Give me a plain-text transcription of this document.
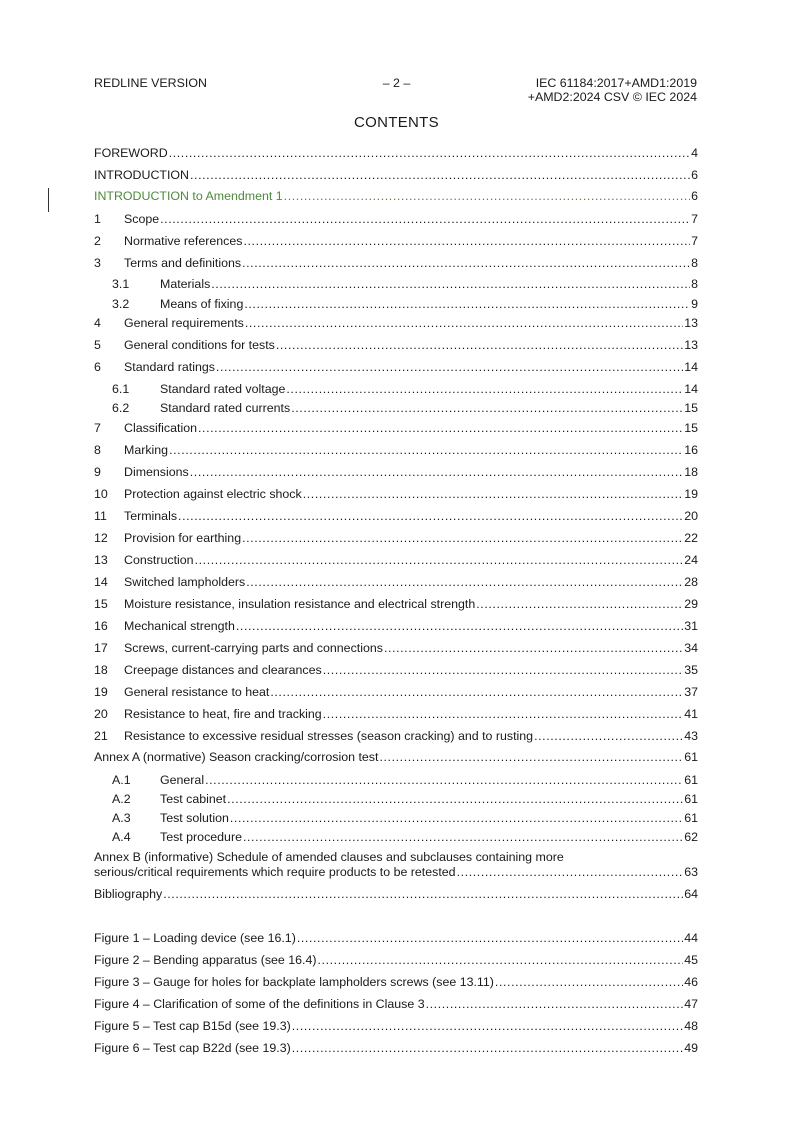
REDLINE VERSION	– 2 –	IEC 61184:2017+AMD1:2019
+AMD2:2024 CSV © IEC 2024
CONTENTS
FOREWORD .....	4
INTRODUCTION .....	6
INTRODUCTION to Amendment 1 .....	6
1	Scope .....	7
2	Normative references .....	7
3	Terms and definitions .....	8
3.1	Materials .....	8
3.2	Means of fixing .....	9
4	General requirements .....	13
5	General conditions for tests .....	13
6	Standard ratings .....	14
6.1	Standard rated voltage .....	14
6.2	Standard rated currents .....	15
7	Classification .....	15
8	Marking .....	16
9	Dimensions .....	18
10	Protection against electric shock .....	19
11	Terminals .....	20
12	Provision for earthing .....	22
13	Construction .....	24
14	Switched lampholders .....	28
15	Moisture resistance, insulation resistance and electrical strength .....	29
16	Mechanical strength .....	31
17	Screws, current-carrying parts and connections .....	34
18	Creepage distances and clearances .....	35
19	General resistance to heat .....	37
20	Resistance to heat, fire and tracking .....	41
21	Resistance to excessive residual stresses (season cracking) and to rusting .....	43
Annex A (normative) Season cracking/corrosion test .....	61
A.1	General .....	61
A.2	Test cabinet .....	61
A.3	Test solution .....	61
A.4	Test procedure .....	62
Annex B (informative) Schedule of amended clauses and subclauses containing more
serious/critical requirements which require products to be retested .....	63
Bibliography .....	64
Figure 1 – Loading device (see 16.1) .....	44
Figure 2 – Bending apparatus (see 16.4) .....	45
Figure 3 – Gauge for holes for backplate lampholders screws (see 13.11) .....	46
Figure 4 – Clarification of some of the definitions in Clause 3 .....	47
Figure 5 – Test cap B15d (see 19.3) .....	48
Figure 6 – Test cap B22d (see 19.3) .....	49
